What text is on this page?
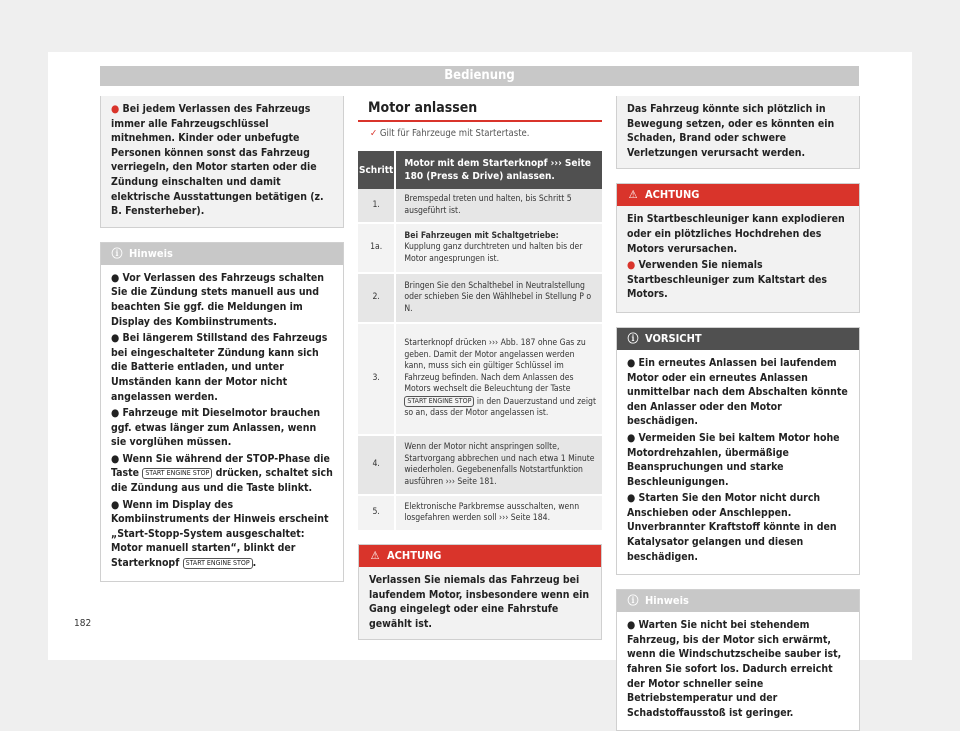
Bedienung
● Bei jedem Verlassen des Fahrzeugs immer alle Fahrzeugschlüssel mitnehmen. Kinder oder unbefugte Personen können sonst das Fahrzeug verriegeln, den Motor starten oder die Zündung einschalten und damit elektrische Ausstattungen betätigen (z. B. Fensterheber).
ⓘ Hinweis

● Vor Verlassen des Fahrzeugs schalten Sie die Zündung stets manuell aus und beachten Sie ggf. die Meldungen im Display des Kombiinstruments.

● Bei längerem Stillstand des Fahrzeugs bei eingeschalteter Zündung kann sich die Batterie entladen, und unter Umständen kann der Motor nicht angelassen werden.

● Fahrzeuge mit Dieselmotor brauchen ggf. etwas länger zum Anlassen, wenn sie vorglühen müssen.

● Wenn Sie während der STOP-Phase die Taste START ENGINE STOP drücken, schaltet sich die Zündung aus und die Taste blinkt.

● Wenn im Display des Kombiinstruments der Hinweis erscheint „Start-Stopp-System ausgeschaltet: Motor manuell starten“, blinkt der Starterknopf START ENGINE STOP .

Motor anlassen
✓ Gilt für Fahrzeuge mit Startertaste.
Schritt	Motor mit dem Starterknopf ››› Seite 180 (Press & Drive) anlassen.
1.	Bremspedal treten und halten, bis Schritt 5 ausgeführt ist.
1a.	Bei Fahrzeugen mit Schaltgetriebe: Kupplung ganz durchtreten und halten bis der Motor angesprungen ist.
2.	Bringen Sie den Schalthebel in Neutralstellung oder schieben Sie den Wählhebel in Stellung P o N.
3.	Starterknopf drücken ››› Abb. 187 ohne Gas zu geben. Damit der Motor angelassen werden kann, muss sich ein gültiger Schlüssel im Fahrzeug befinden. Nach dem Anlassen des Motors wechselt die Beleuchtung der Taste START ENGINE STOP in den Dauerzustand und zeigt so an, dass der Motor angelassen ist.
4.	Wenn der Motor nicht anspringen sollte, Startvorgang abbrechen und nach etwa 1 Minute wiederholen. Gegebenenfalls Notstartfunktion ausführen ››› Seite 181.
5.	Elektronische Parkbremse ausschalten, wenn losgefahren werden soll ››› Seite 184.
⚠ ACHTUNG
Verlassen Sie niemals das Fahrzeug bei laufendem Motor, insbesondere wenn ein Gang eingelegt oder eine Fahrstufe gewählt ist.
Das Fahrzeug könnte sich plötzlich in Bewegung setzen, oder es könnten ein Schaden, Brand oder schwere Verletzungen verursacht werden.
⚠ ACHTUNG

Ein Startbeschleuniger kann explodieren oder ein plötzliches Hochdrehen des Motors verursachen.

● Verwenden Sie niemals Startbeschleuniger zum Kaltstart des Motors.

ⓘ VORSICHT

● Ein erneutes Anlassen bei laufendem Motor oder ein erneutes Anlassen unmittelbar nach dem Abschalten könnte den Anlasser oder den Motor beschädigen.

● Vermeiden Sie bei kaltem Motor hohe Motordrehzahlen, übermäßige Beanspruchungen und starke Beschleunigungen.

● Starten Sie den Motor nicht durch Anschieben oder Anschleppen. Unverbrannter Kraftstoff könnte in den Katalysator gelangen und diesen beschädigen.

ⓘ Hinweis

● Warten Sie nicht bei stehendem Fahrzeug, bis der Motor sich erwärmt, wenn die Windschutzscheibe sauber ist, fahren Sie sofort los. Dadurch erreicht der Motor schneller seine Betriebstemperatur und der Schadstoffausstoß ist geringer.

182
